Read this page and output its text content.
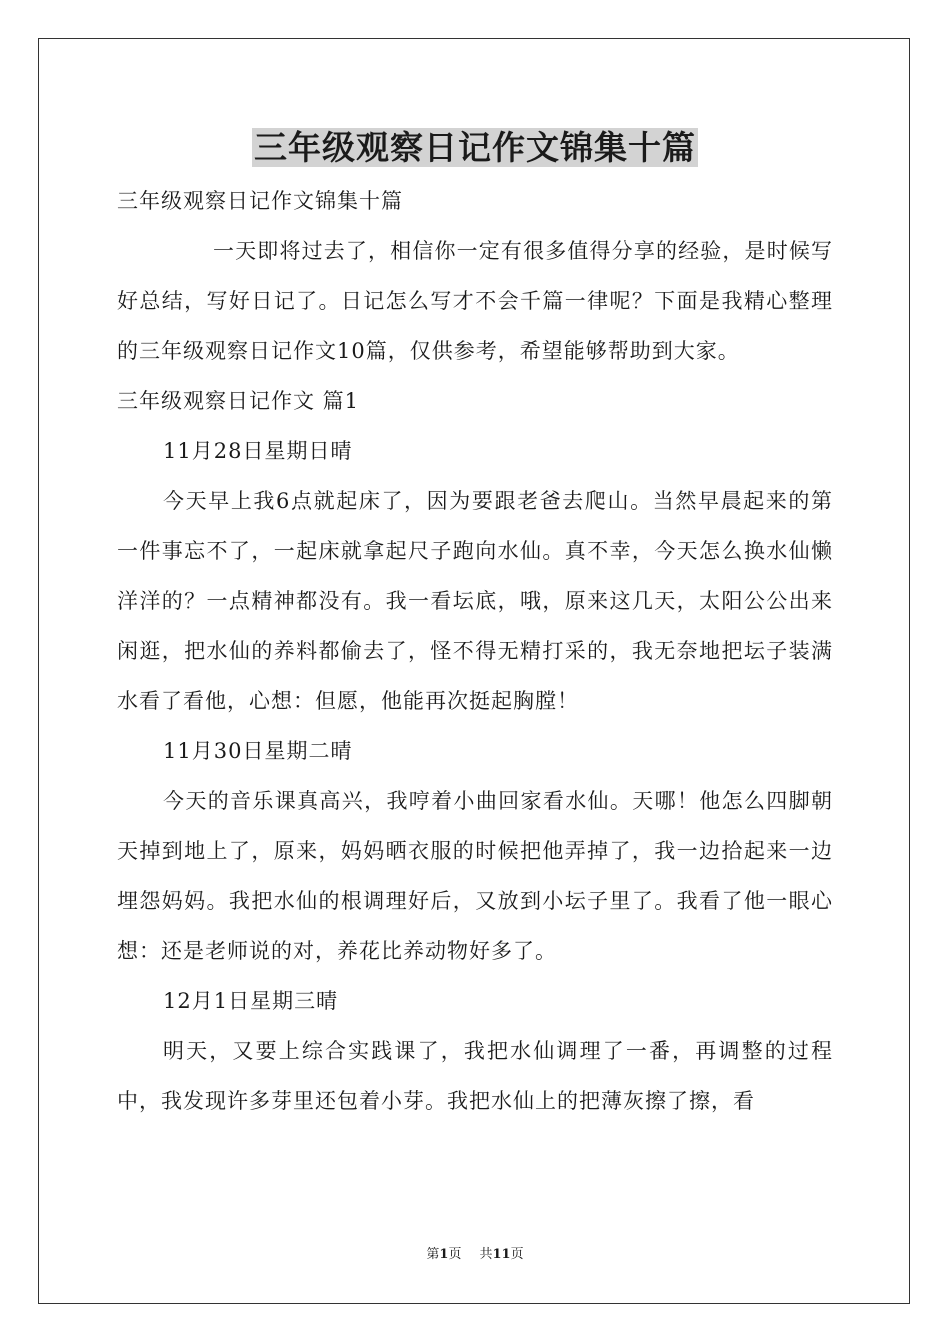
三年级观察日记作文锦集十篇

三年级观察日记作文锦集十篇

一天即将过去了，相信你一定有很多值得分享的经验，是时候写好总结，写好日记了。日记怎么写才不会千篇一律呢？下面是我精心整理的三年级观察日记作文10篇，仅供参考，希望能够帮助到大家。

三年级观察日记作文 篇1

11月28日星期日晴

今天早上我6点就起床了，因为要跟老爸去爬山。当然早晨起来的第一件事忘不了，一起床就拿起尺子跑向水仙。真不幸，今天怎么换水仙懒洋洋的？一点精神都没有。我一看坛底，哦，原来这几天，太阳公公出来闲逛，把水仙的养料都偷去了，怪不得无精打采的，我无奈地把坛子装满水看了看他，心想：但愿，他能再次挺起胸膛！

11月30日星期二晴

今天的音乐课真高兴，我哼着小曲回家看水仙。天哪！他怎么四脚朝天掉到地上了，原来，妈妈晒衣服的时候把他弄掉了，我一边拾起来一边埋怨妈妈。我把水仙的根调理好后，又放到小坛子里了。我看了他一眼心想：还是老师说的对，养花比养动物好多了。

12月1日星期三晴

明天，又要上综合实践课了，我把水仙调理了一番，再调整的过程中，我发现许多芽里还包着小芽。我把水仙上的把薄灰擦了擦，看

第1页 共11页
